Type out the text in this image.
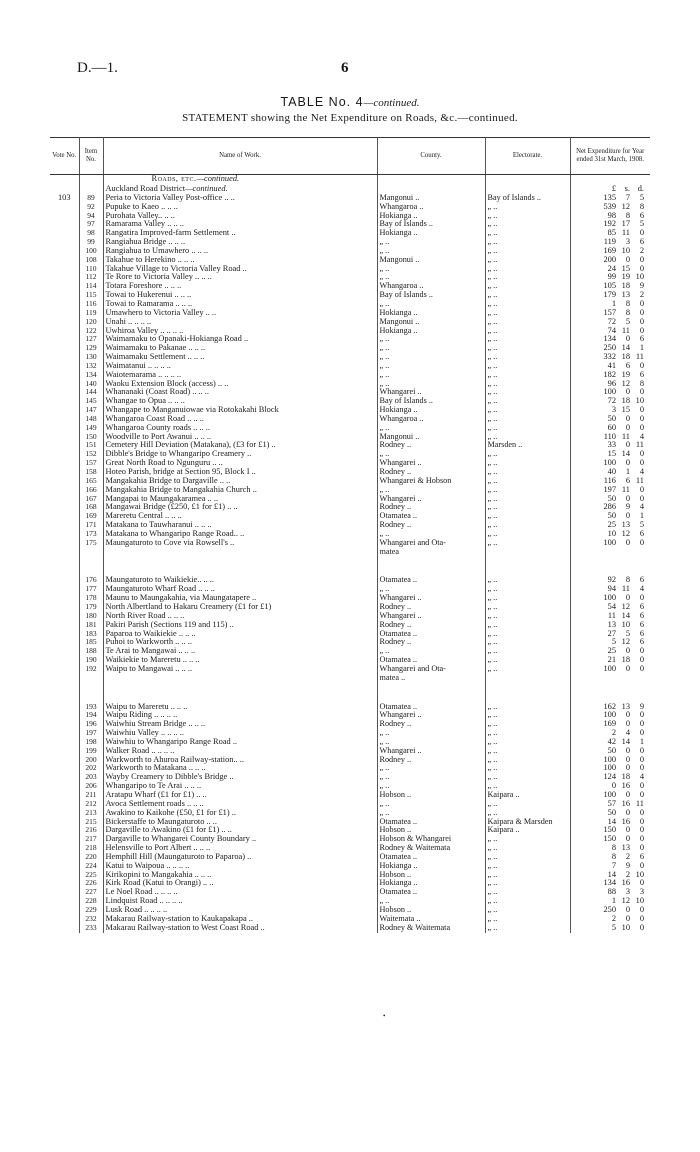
D.—1.	6
TABLE No. 4—continued.
STATEMENT showing the Net Expenditure on Roads, &c.—continued.
Vote No.	Item No.	Name of Work.	County.	Electorate.	Net Expenditure for Year ended 31st March, 1908.
		Roads, etc.—continued.			
		Auckland Road District—continued.			£ s. d.

103	89	Peria to Victoria Valley Post-office .. ..	Mangonui ..	Bay of Islands ..	135 7 5

	92	Pupuke to Kaeo .. .. ..	Whangaroa ..	„ ..	539 12 8

	94	Purohata Valley.. .. ..	Hokianga ..	„ ..	98 8 6

	97	Ramarama Valley .. .. ..	Bay of Islands ..	„ ..	192 17 5

	98	Rangatira Improved-farm Settlement ..	Hokianga ..	„ ..	85 11 0

	99	Rangiahua Bridge .. .. ..	„ ..	„ ..	119 3 6

	100	Rangiahua to Umawhero .. .. ..	„ ..	„ ..	169 10 2

	108	Takahue to Herekino .. .. ..	Mangonui ..	„ ..	200 0 0

	110	Takahue Village to Victoria Valley Road ..	„ ..	„ ..	24 15 0

	112	Te Rore to Victoria Valley .. .. ..	„ ..	„ ..	99 19 10

	114	Totara Foreshore .. .. ..	Whangaroa ..	„ ..	105 18 9

	115	Towai to Hukerenui .. .. ..	Bay of Islands ..	„ ..	179 13 2

	116	Towai to Ramarama .. .. ..	„ ..	„ ..	1 8 0

	119	Umawhero to Victoria Valley .. ..	Hokianga ..	„ ..	157 8 0

	120	Unahi .. .. .. ..	Mangonui ..	„ ..	72 5 0

	122	Uwhiroa Valley .. .. .. ..	Hokianga ..	„ ..	74 11 0

	127	Waimamaku to Opanaki-Hokianga Road ..	„ ..	„ ..	134 0 6

	129	Waimamaku to Pakanae .. .. ..	„ ..	„ ..	250 14 1

	130	Waimamaku Settlement .. .. ..	„ ..	„ ..	332 18 11

	132	Waimatanui .. .. .. ..	„ ..	„ ..	41 6 0

	134	Waiotemarama .. .. .. ..	„ ..	„ ..	182 19 6

	140	Waoku Extension Block (access) .. ..	„ ..	„ ..	96 12 8

	144	Whananaki (Coast Road) .. .. ..	Whangarei ..	„ ..	100 0 0

	145	Whangae to Opua .. .. ..	Bay of Islands ..	„ ..	72 18 10

	147	Whangape to Manganuiowae via Rotokakahi Block	Hokianga ..	„ ..	3 15 0

	148	Whangaroa Coast Road .. .. ..	Whangaroa ..	„ ..	50 0 0

	149	Whangaroa County roads .. .. ..	„ ..	„ ..	60 0 0

	150	Woodville to Port Awanui .. .. ..	Mangonui ..	„ ..	110 11 4

	151	Cemetery Hill Deviation (Matakana), (£3 for £1) ..	Rodney ..	Marsden ..	33 0 11

	152	Dibble's Bridge to Whangaripo Creamery ..	„ ..	„ ..	15 14 0

	157	Great North Road to Ngunguru .. ..	Whangarei ..	„ ..	100 0 0

	158	Hoteo Parish, bridge at Section 95, Block I ..	Rodney ..	„ ..	40 1 4

	165	Mangakahia Bridge to Dargaville .. ..	Whangarei & Hobson	„ ..	116 6 11

	166	Mangakahia Bridge to Mangakahia Church ..	„ ..	„ ..	197 11 0

	167	Mangapai to Maungakaramea .. ..	Whangarei ..	„ ..	50 0 0

	168	Mangawai Bridge (£250, £1 for £1) .. ..	Rodney ..	„ ..	286 9 4

	169	Mareretu Central .. .. ..	Otamatea ..	„ ..	50 0 1

	171	Matakana to Tauwharanui .. .. ..	Rodney ..	„ ..	25 13 5

	173	Matakana to Whangaripo Range Road.. ..	„ ..	„ ..	10 12 6

	175	Maungaturoto to Cove via Rowsell's ..	Whangarei and Ota-	„ ..	100 0 0

			matea		

	176	Maungaturoto to Waikiekie.. .. ..	Otamatea ..	„ ..	92 8 6

	177	Maungaturoto Wharf Road .. .. ..	„ ..	„ ..	94 11 4

	178	Maunu to Maungakahia, via Maungatapere ..	Whangarei ..	„ ..	100 0 0

	179	North Albertland to Hakaru Creamery (£1 for £1)	Rodney ..	„ ..	54 12 6

	180	North River Road .. .. ..	Whangarei ..	„ ..	11 14 6

	181	Pakiri Parish (Sections 119 and 115) ..	Rodney ..	„ ..	13 10 6

	183	Paparoa to Waikiekie .. .. ..	Otamatea ..	„ ..	27 5 6

	185	Puhoi to Warkworth .. .. ..	Rodney ..	„ ..	5 12 6

	188	Te Arai to Mangawai .. .. ..	„ ..	„ ..	25 0 0

	190	Waikiekie to Mareretu .. .. ..	Otamatea ..	„ ..	21 18 0

	192	Waipu to Mangawai .. .. ..	Whangarei and Ota-	„ ..	100 0 0

			matea ..		

	193	Waipu to Mareretu .. .. ..	Otamatea ..	„ ..	162 13 9

	194	Waipu Riding .. .. .. ..	Whangarei ..	„ ..	100 0 0

	196	Waiwhiu Stream Bridge .. .. ..	Rodney ..	„ ..	169 0 0

	197	Waiwhiu Valley .. .. .. ..	„ ..	„ ..	2 4 0

	198	Waiwhiu to Whangaripo Range Road ..	„ ..	„ ..	42 14 1

	199	Walker Road .. .. .. ..	Whangarei ..	„ ..	50 0 0

	200	Warkworth to Ahuroa Railway-station.. ..	Rodney ..	„ ..	100 0 0

	202	Warkworth to Matakana .. .. ..	„ ..	„ ..	100 0 0

	203	Wayby Creamery to Dibble's Bridge ..	„ ..	„ ..	124 18 4

	206	Whangaripo to Te Arai .. .. ..	„ ..	„ ..	0 16 0

	211	Aratapu Wharf (£1 for £1) .. ..	Hobson ..	Kaipara ..	100 0 0

	212	Avoca Settlement roads .. .. ..	„ ..	„ ..	57 16 11

	213	Awakino to Kaikohe (£50, £1 for £1) ..	„ ..	„ ..	50 0 0

	215	Bickerstaffe to Maungaturoto .. ..	Otamatea ..	Kaipara & Marsden	14 16 0

	216	Dargaville to Awakino (£1 for £1) .. ..	Hobson ..	Kaipara ..	150 0 0

	217	Dargaville to Whangarei County Boundary ..	Hobson & Whangarei	„ ..	150 0 0

	218	Helensville to Port Albert .. .. ..	Rodney & Waitemata	„ ..	8 13 0

	220	Hemphill Hill (Maungaturoto to Paparoa) ..	Otamatea ..	„ ..	8 2 6

	224	Katui to Waipoua .. .. .. ..	Hokianga ..	„ ..	7 9 0

	225	Kirikopini to Mangakahia .. .. ..	Hobson ..	„ ..	14 2 10

	226	Kirk Road (Katui to Orangi) .. ..	Hokianga ..	„ ..	134 16 0

	227	Le Noel Road .. .. .. ..	Otamatea ..	„ ..	88 3 3

	228	Lindquist Road .. .. .. ..	„ ..	„ ..	1 12 10

	229	Lusk Road .. .. .. ..	Hobson ..	„ ..	250 0 0

	232	Makarau Railway-station to Kaukapakapa ..	Waitemata ..	„ ..	2 0 0

	233	Makarau Railway-station to West Coast Road ..	Rodney & Waitemata	„ ..	5 10 0
•
